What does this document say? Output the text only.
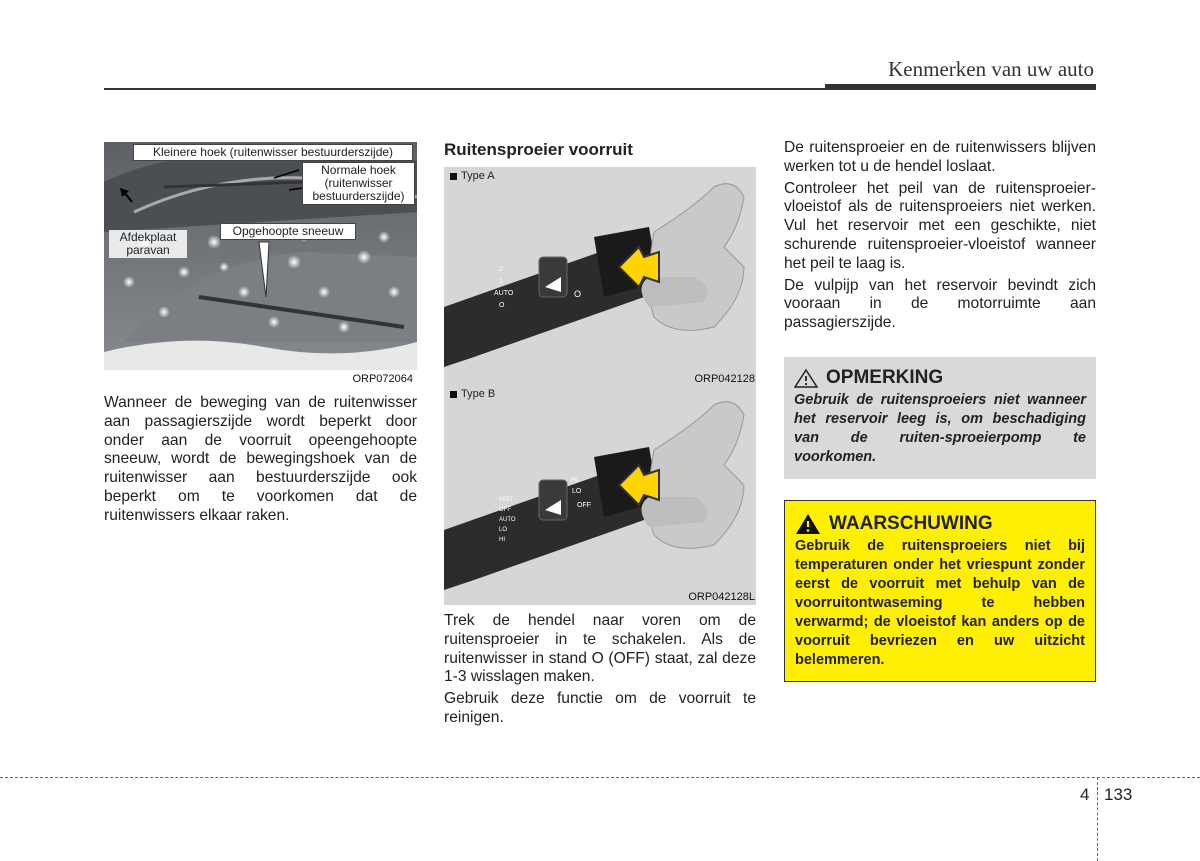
Kenmerken van uw auto
Kleinere hoek (ruitenwisser bestuurderszijde)
Normale hoek
(ruitenwisser
bestuurderszijde)
Afdekplaat
paravan
Opgehoopte sneeuw
ORP072064

Wanneer de beweging van de ruitenwisser aan passagierszijde wordt beperkt door onder aan de voorruit opeengehoopte sneeuw, wordt de bewegingshoek van de ruitenwisser aan bestuurderszijde ook beperkt om te voorkomen dat de ruitenwissers elkaar raken.

Ruitensproeier voorruit
2
1
AUTO
O
O
Type A
ORP042128
MIST
OFF
AUTO
LO
HI
OFF
HI
LO
Type B
ORP042128L

Trek de hendel naar voren om de ruitensproeier in te schakelen. Als de ruitenwisser in stand O (OFF) staat, zal deze 1-3 wisslagen maken.

Gebruik deze functie om de voorruit te reinigen.

De ruitensproeier en de ruitenwissers blijven werken tot u de hendel loslaat.

Controleer het peil van de ruitensproeier-vloeistof als de ruitensproeiers niet werken. Vul het reservoir met een geschikte, niet schurende ruitensproeier-vloeistof wanneer het peil te laag is.

De vulpijp van het reservoir bevindt zich vooraan in de motorruimte aan passagierszijde.

OPMERKING
Gebruik de ruitensproeiers niet wanneer het reservoir leeg is, om beschadiging van de ruiten-sproeierpomp te voorkomen.
WAARSCHUWING
Gebruik de ruitensproeiers niet bij temperaturen onder het vriespunt zonder eerst de voorruit met behulp van de voorruitontwaseming te hebben verwarmd; de vloeistof kan anders op de voorruit bevriezen en uw uitzicht belemmeren.
4 133
